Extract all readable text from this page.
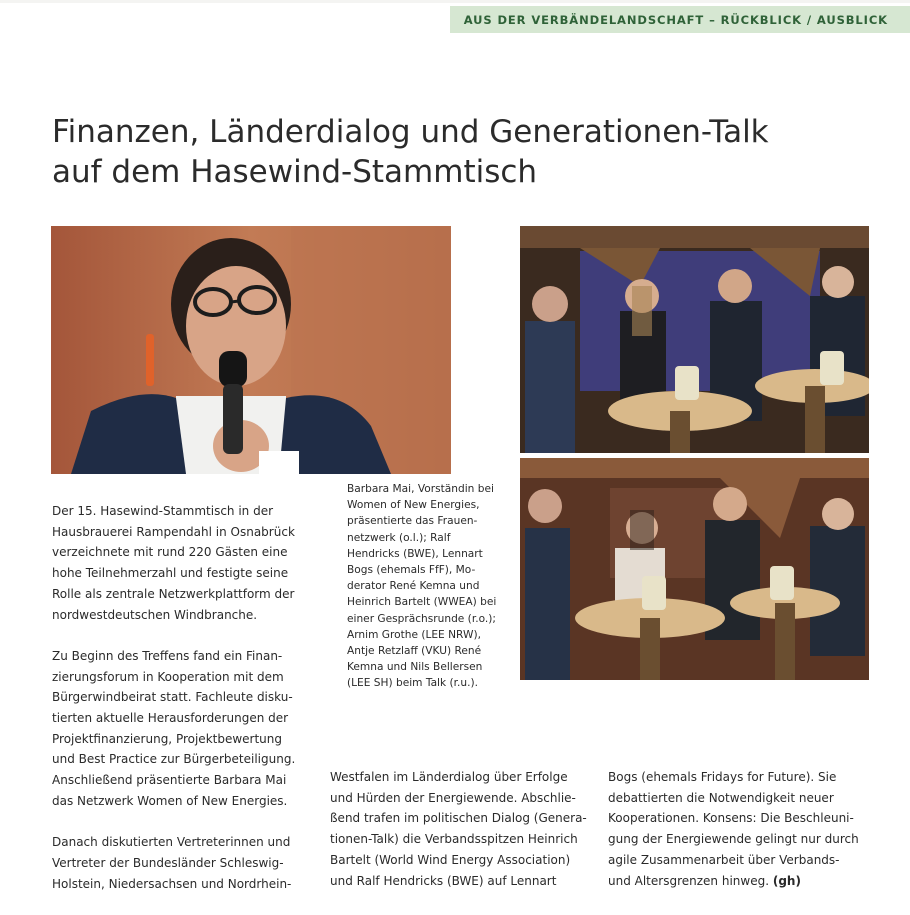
AUS DER VERBÄNDELANDSCHAFT – RÜCKBLICK / AUSBLICK
Finanzen, Länderdialog und Generationen-Talk
auf dem Hasewind-Stammtisch
Barbara Mai, Vorständin bei
Women of New Energies,
präsentierte das Frauen-
netzwerk (o.l.); Ralf
Hendricks (BWE), Lennart
Bogs (ehemals FfF), Mo-
derator René Kemna und
Heinrich Bartelt (WWEA) bei
einer Gesprächsrunde (r.o.);
Arnim Grothe (LEE NRW),
Antje Retzlaff (VKU) René
Kemna und Nils Bellersen
(LEE SH) beim Talk (r.u.).

Der 15. Hasewind-Stammtisch in der
Hausbrauerei Rampendahl in Osnabrück
verzeichnete mit rund 220 Gästen eine
hohe Teilnehmerzahl und festigte seine
Rolle als zentrale Netzwerkplattform der
nordwestdeutschen Windbranche.

Zu Beginn des Treffens fand ein Finan-
zierungsforum in Kooperation mit dem
Bürgerwindbeirat statt. Fachleute disku-
tierten aktuelle Herausforderungen der
Projektfinanzierung, Projektbewertung
und Best Practice zur Bürgerbeteiligung.
Anschließend präsentierte Barbara Mai
das Netzwerk Women of New Energies.

Danach diskutierten Vertreterinnen und
Vertreter der Bundesländer Schleswig-
Holstein, Niedersachsen und Nordrhein-

Westfalen im Länderdialog über Erfolge
und Hürden der Energiewende. Abschlie-
ßend trafen im politischen Dialog (Genera-
tionen-Talk) die Verbandsspitzen Heinrich
Bartelt (World Wind Energy Association)
und Ralf Hendricks (BWE) auf Lennart
Bogs (ehemals Fridays for Future). Sie
debattierten die Notwendigkeit neuer
Kooperationen. Konsens: Die Beschleuni-
gung der Energiewende gelingt nur durch
agile Zusammenarbeit über Verbands-
und Altersgrenzen hinweg. (gh)
